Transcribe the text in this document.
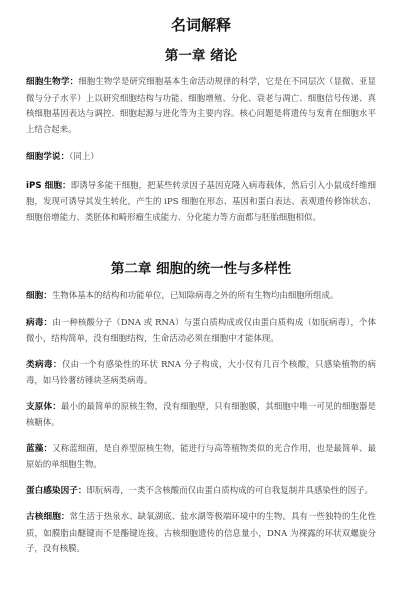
名词解释
第一章 绪论

细胞生物学：细胞生物学是研究细胞基本生命活动规律的科学，它是在不同层次（显微、亚显微与分子水平）上以研究细胞结构与功能、细胞增殖、分化、衰老与凋亡、细胞信号传递、真核细胞基因表达与调控、细胞起源与进化等为主要内容。核心问题是将遗传与发育在细胞水平上结合起来。

细胞学说：（同上）

iPS 细胞：即诱导多能干细胞，把某些转录因子基因克隆入病毒载体，然后引入小鼠成纤维细胞，发现可诱导其发生转化，产生的 iPS 细胞在形态、基因和蛋白表达、表观遗传修饰状态、细胞倍增能力、类胚体和畸形瘤生成能力、分化能力等方面都与胚胎细胞相似。

第二章 细胞的统一性与多样性

细胞：生物体基本的结构和功能单位，已知除病毒之外的所有生物均由细胞所组成。

病毒：由一种核酸分子（DNA 或 RNA）与蛋白质构成或仅由蛋白质构成（如朊病毒），个体微小，结构简单，没有细胞结构，生命活动必须在细胞中才能体现。

类病毒：仅由一个有感染性的环状 RNA 分子构成，大小仅有几百个核酸，只感染植物的病毒，如马铃薯纺锤块茎病类病毒。

支原体：最小的最简单的原核生物，没有细胞壁，只有细胞膜，其细胞中唯一可见的细胞器是核糖体。

蓝藻：又称蓝细菌，是自养型原核生物，能进行与高等植物类似的光合作用，也是最简单、最原始的单细胞生物。

蛋白感染因子：即朊病毒，一类不含核酸而仅由蛋白质构成的可自我复制并具感染性的因子。

古核细胞：常生活于热泉水、缺氧湖底、盐水湖等极端环境中的生物。具有一些独特的生化性质，如膜脂由醚键而不是酯键连接。古核细胞遗传的信息量小，DNA 为裸露的环状双螺旋分子，没有核膜。
